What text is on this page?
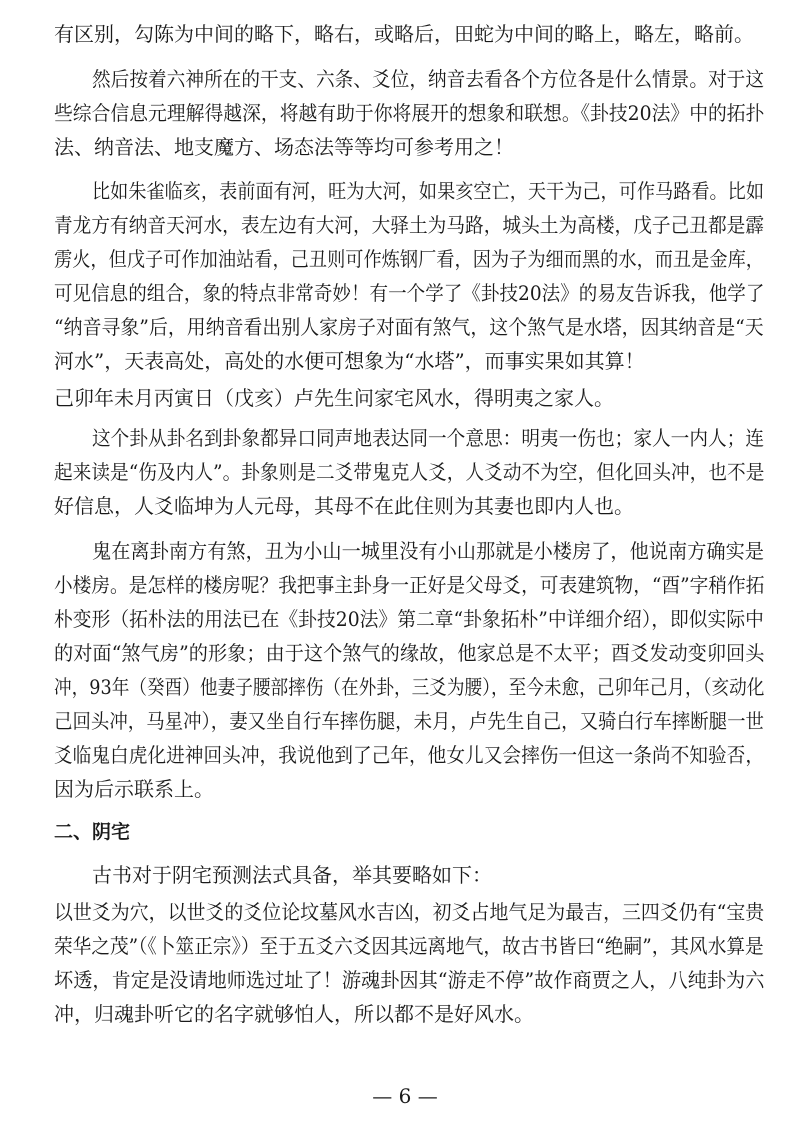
有区别，勾陈为中间的略下，略右，或略后，田蛇为中间的略上，略左，略前。
然后按着六神所在的干支、六条、爻位，纳音去看各个方位各是什么情景。对于这
些综合信息元理解得越深，将越有助于你将展开的想象和联想。《卦技20法》中的拓扑
法、纳音法、地支魔方、场态法等等均可参考用之！
比如朱雀临亥，表前面有河，旺为大河，如果亥空亡，天干为己，可作马路看。比如
青龙方有纳音天河水，表左边有大河，大驿土为马路，城头土为高楼，戊子己丑都是霹
雳火，但戊子可作加油站看，己丑则可作炼钢厂看，因为子为细而黑的水，而丑是金库，
可见信息的组合，象的特点非常奇妙！有一个学了《卦技20法》的易友告诉我，他学了
“纳音寻象”后，用纳音看出别人家房子对面有煞气，这个煞气是水塔，因其纳音是“天
河水”，天表高处，高处的水便可想象为“水塔”，而事实果如其算！
己卯年未月丙寅日（戊亥）卢先生问家宅风水，得明夷之家人。
这个卦从卦名到卦象都异口同声地表达同一个意思：明夷一伤也；家人一内人；连
起来读是“伤及内人”。卦象则是二爻带鬼克人爻，人爻动不为空，但化回头冲，也不是
好信息，人爻临坤为人元母，其母不在此住则为其妻也即内人也。
鬼在离卦南方有煞，丑为小山一城里没有小山那就是小楼房了，他说南方确实是
小楼房。是怎样的楼房呢？我把事主卦身一正好是父母爻，可表建筑物，“酉”字稍作拓
朴变形（拓朴法的用法已在《卦技20法》第二章“卦象拓朴”中详细介绍），即似实际中
的对面“煞气房”的形象；由于这个煞气的缘故，他家总是不太平；酉爻发动变卯回头
冲，93年（癸酉）他妻子腰部摔伤（在外卦，三爻为腰），至今未愈，己卯年己月，（亥动化
己回头冲，马星冲），妻又坐自行车摔伤腿，未月，卢先生自己，又骑白行车摔断腿一世
爻临鬼白虎化进神回头冲，我说他到了己年，他女儿又会摔伤一但这一条尚不知验否，
因为后示联系上。
二、阴宅
古书对于阴宅预测法式具备，举其要略如下：
以世爻为穴，以世爻的爻位论坟墓风水吉凶，初爻占地气足为最吉，三四爻仍有“宝贵
荣华之茂”（《卜筮正宗》）至于五爻六爻因其远离地气，故古书皆曰“绝嗣”，其风水算是
坏透，肯定是没请地师选过址了！游魂卦因其“游走不停”故作商贾之人，八纯卦为六
冲，归魂卦听它的名字就够怕人，所以都不是好风水。
— 6 —
